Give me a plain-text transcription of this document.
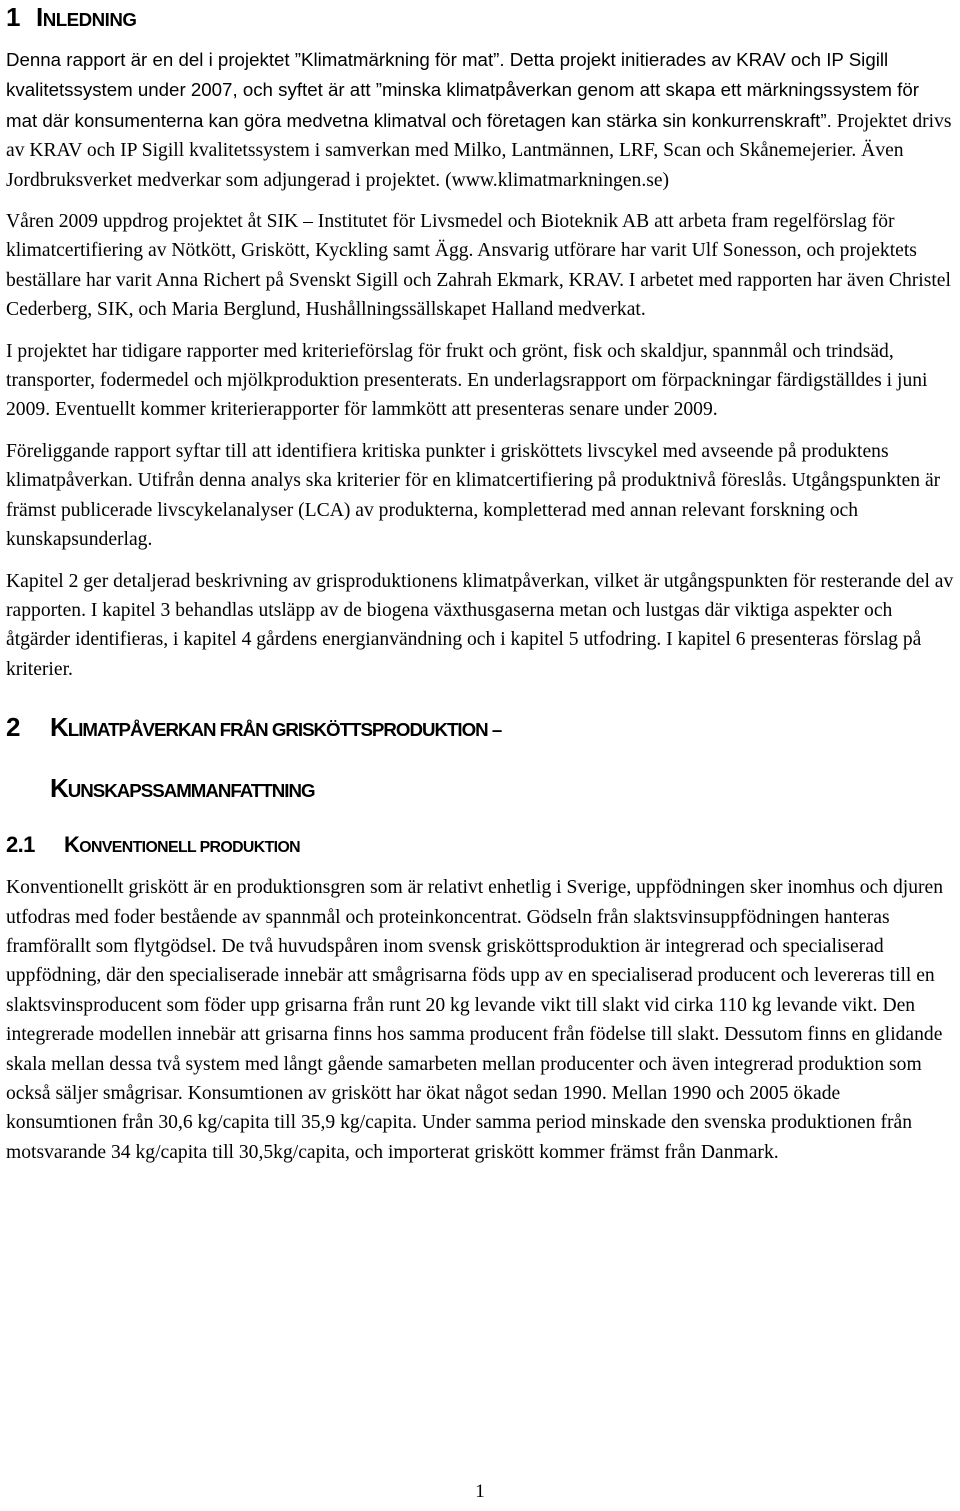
1 INLEDNING

Denna rapport är en del i projektet ”Klimatmärkning för mat”. Detta projekt initierades av KRAV och IP Sigill kvalitetssystem under 2007, och syftet är att ”minska klimatpåverkan genom att skapa ett märkningssystem för mat där konsumenterna kan göra medvetna klimatval och företagen kan stärka sin konkurrenskraft”. Projektet drivs av KRAV och IP Sigill kvalitetssystem i samverkan med Milko, Lantmännen, LRF, Scan och Skånemejerier. Även Jordbruksverket medverkar som adjungerad i projektet. (www.klimatmarkningen.se)

Våren 2009 uppdrog projektet åt SIK – Institutet för Livsmedel och Bioteknik AB att arbeta fram regelförslag för klimatcertifiering av Nötkött, Griskött, Kyckling samt Ägg. Ansvarig utförare har varit Ulf Sonesson, och projektets beställare har varit Anna Richert på Svenskt Sigill och Zahrah Ekmark, KRAV. I arbetet med rapporten har även Christel Cederberg, SIK, och Maria Berglund, Hushållningssällskapet Halland medverkat.

I projektet har tidigare rapporter med kriterieförslag för frukt och grönt, fisk och skaldjur, spannmål och trindsäd, transporter, fodermedel och mjölkproduktion presenterats. En underlagsrapport om förpackningar färdigställdes i juni 2009. Eventuellt kommer kriterierapporter för lammkött att presenteras senare under 2009.

Föreliggande rapport syftar till att identifiera kritiska punkter i grisköttets livscykel med avseende på produktens klimatpåverkan. Utifrån denna analys ska kriterier för en klimatcertifiering på produktnivå föreslås. Utgångspunkten är främst publicerade livscykelanalyser (LCA) av produkterna, kompletterad med annan relevant forskning och kunskapsunderlag.

Kapitel 2 ger detaljerad beskrivning av grisproduktionens klimatpåverkan, vilket är utgångspunkten för resterande del av rapporten. I kapitel 3 behandlas utsläpp av de biogena växthusgaserna metan och lustgas där viktiga aspekter och åtgärder identifieras, i kapitel 4 gårdens energianvändning och i kapitel 5 utfodring. I kapitel 6 presenteras förslag på kriterier.

2 KLIMATPÅVERKAN FRÅN GRISKÖTTSPRODUKTION –
KUNSKAPSSAMMANFATTNING
2.1 KONVENTIONELL PRODUKTION

Konventionellt griskött är en produktionsgren som är relativt enhetlig i Sverige, uppfödningen sker inomhus och djuren utfodras med foder bestående av spannmål och proteinkoncentrat. Gödseln från slaktsvinsuppfödningen hanteras framförallt som flytgödsel. De två huvudspåren inom svensk grisköttsproduktion är integrerad och specialiserad uppfödning, där den specialiserade innebär att smågrisarna föds upp av en specialiserad producent och levereras till en slaktsvinsproducent som föder upp grisarna från runt 20 kg levande vikt till slakt vid cirka 110 kg levande vikt. Den integrerade modellen innebär att grisarna finns hos samma producent från födelse till slakt. Dessutom finns en glidande skala mellan dessa två system med långt gående samarbeten mellan producenter och även integrerad produktion som också säljer smågrisar. Konsumtionen av griskött har ökat något sedan 1990. Mellan 1990 och 2005 ökade konsumtionen från 30,6 kg/capita till 35,9 kg/capita. Under samma period minskade den svenska produktionen från motsvarande 34 kg/capita till 30,5kg/capita, och importerat griskött kommer främst från Danmark.

1
